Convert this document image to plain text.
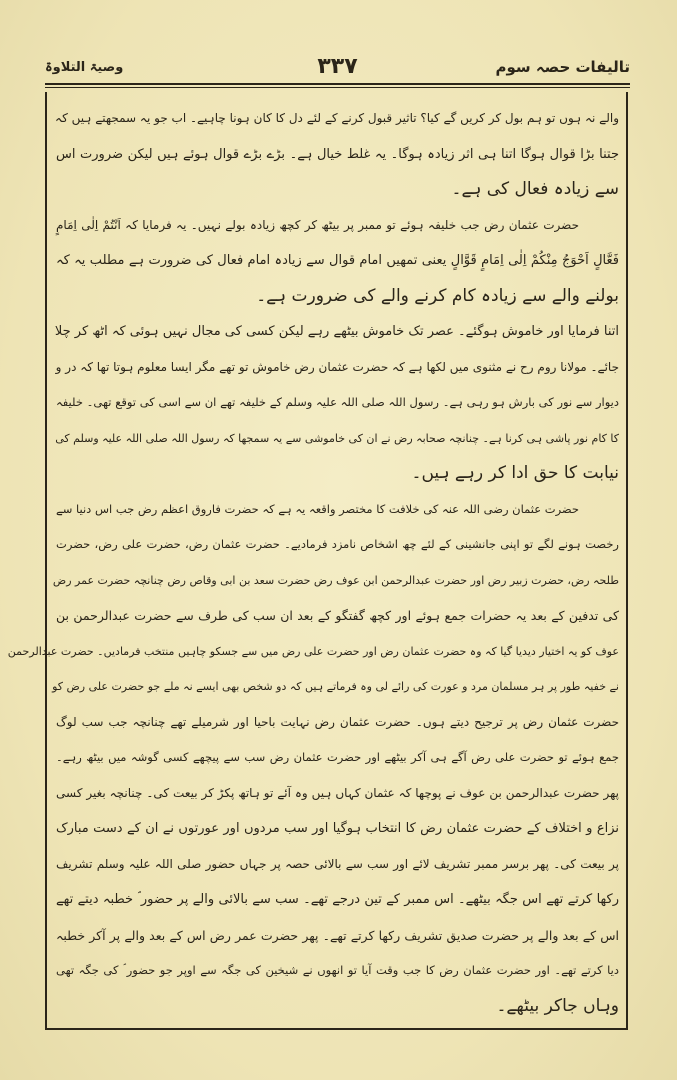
تالیفات حصہ سوم
۳۳۷
وصیۃ التلاوۃ
والے نہ ہوں تو ہم بول کر کریں گے کیا؟ تاثیر قبول کرنے کے لئے دل کا کان ہونا چاہیے۔ اب جو یہ سمجھتے ہیں کہ
جتنا بڑا قوال ہوگا اتنا ہی اثر زیادہ ہوگا۔ یہ غلط خیال ہے۔ بڑے بڑے قوال ہوئے ہیں لیکن ضرورت اس
سے زیادہ فعال کی ہے۔
حضرت عثمان رض جب خلیفہ ہوئے تو ممبر پر بیٹھ کر کچھ زیادہ بولے نہیں۔ یہ فرمایا کہ اَنْتُمْ اِلٰی اِمَامٍ
فَعَّالٍ اَحْوَجُ مِنْکُمْ اِلٰی اِمَامٍ قَوَّالٍ یعنی تمھیں امام قوال سے زیادہ امام فعال کی ضرورت ہے مطلب یہ کہ
بولنے والے سے زیادہ کام کرنے والے کی ضرورت ہے۔
اتنا فرمایا اور خاموش ہوگئے۔ عصر تک خاموش بیٹھے رہے لیکن کسی کی مجال نہیں ہوئی کہ اٹھ کر چلا
جائے۔ مولانا روم رح نے مثنوی میں لکھا ہے کہ حضرت عثمان رض خاموش تو تھے مگر ایسا معلوم ہوتا تھا کہ در و
دیوار سے نور کی بارش ہو رہی ہے۔ رسول اللہ صلی اللہ علیہ وسلم کے خلیفہ تھے ان سے اسی کی توقع تھی۔ خلیفہ
کا کام نور پاشی ہی کرنا ہے۔ چنانچہ صحابہ رض نے ان کی خاموشی سے یہ سمجھا کہ رسول اللہ صلی اللہ علیہ وسلم کی
نیابت کا حق ادا کر رہے ہیں۔
حضرت عثمان رضی اللہ عنہ کی خلافت کا مختصر واقعہ یہ ہے کہ حضرت فاروق اعظم رض جب اس دنیا سے
رخصت ہونے لگے تو اپنی جانشینی کے لئے چھ اشخاص نامزد فرمادیے۔ حضرت عثمان رض، حضرت علی رض، حضرت
طلحہ رض، حضرت زبیر رض اور حضرت عبدالرحمن ابن عوف رض حضرت سعد بن ابی وقاص رض چنانچہ حضرت عمر رض
کی تدفین کے بعد یہ حضرات جمع ہوئے اور کچھ گفتگو کے بعد ان سب کی طرف سے حضرت عبدالرحمن بن
عوف کو یہ اختیار دیدیا گیا کہ وہ حضرت عثمان رض اور حضرت علی رض میں سے جسکو چاہیں منتخب فرمادیں۔ حضرت عبدالرحمن
نے خفیہ طور پر ہر مسلمان مرد و عورت کی رائے لی وہ فرماتے ہیں کہ دو شخص بھی ایسے نہ ملے جو حضرت علی رض کو
حضرت عثمان رض پر ترجیح دیتے ہوں۔ حضرت عثمان رض نہایت باحیا اور شرمیلے تھے چنانچہ جب سب لوگ
جمع ہوئے تو حضرت علی رض آگے ہی آکر بیٹھے اور حضرت عثمان رض سب سے پیچھے کسی گوشہ میں بیٹھ رہے۔
پھر حضرت عبدالرحمن بن عوف نے پوچھا کہ عثمان کہاں ہیں وہ آئے تو ہاتھ پکڑ کر بیعت کی۔ چنانچہ بغیر کسی
نزاع و اختلاف کے حضرت عثمان رض کا انتخاب ہوگیا اور سب مردوں اور عورتوں نے ان کے دست مبارک
پر بیعت کی۔ پھر برسر ممبر تشریف لائے اور سب سے بالائی حصہ پر جہاں حضور صلی اللہ علیہ وسلم تشریف
رکھا کرتے تھے اس جگہ بیٹھے۔ اس ممبر کے تین درجے تھے۔ سب سے بالائی والے پر حضور ؐ خطبہ دیتے تھے
اس کے بعد والے پر حضرت صدیق تشریف رکھا کرتے تھے۔ پھر حضرت عمر رض اس کے بعد والے پر آکر خطبہ
دیا کرتے تھے۔ اور حضرت عثمان رض کا جب وقت آیا تو انھوں نے شیخین کی جگہ سے اوپر جو حضور ؐ کی جگہ تھی
وہاں جاکر بیٹھے۔
